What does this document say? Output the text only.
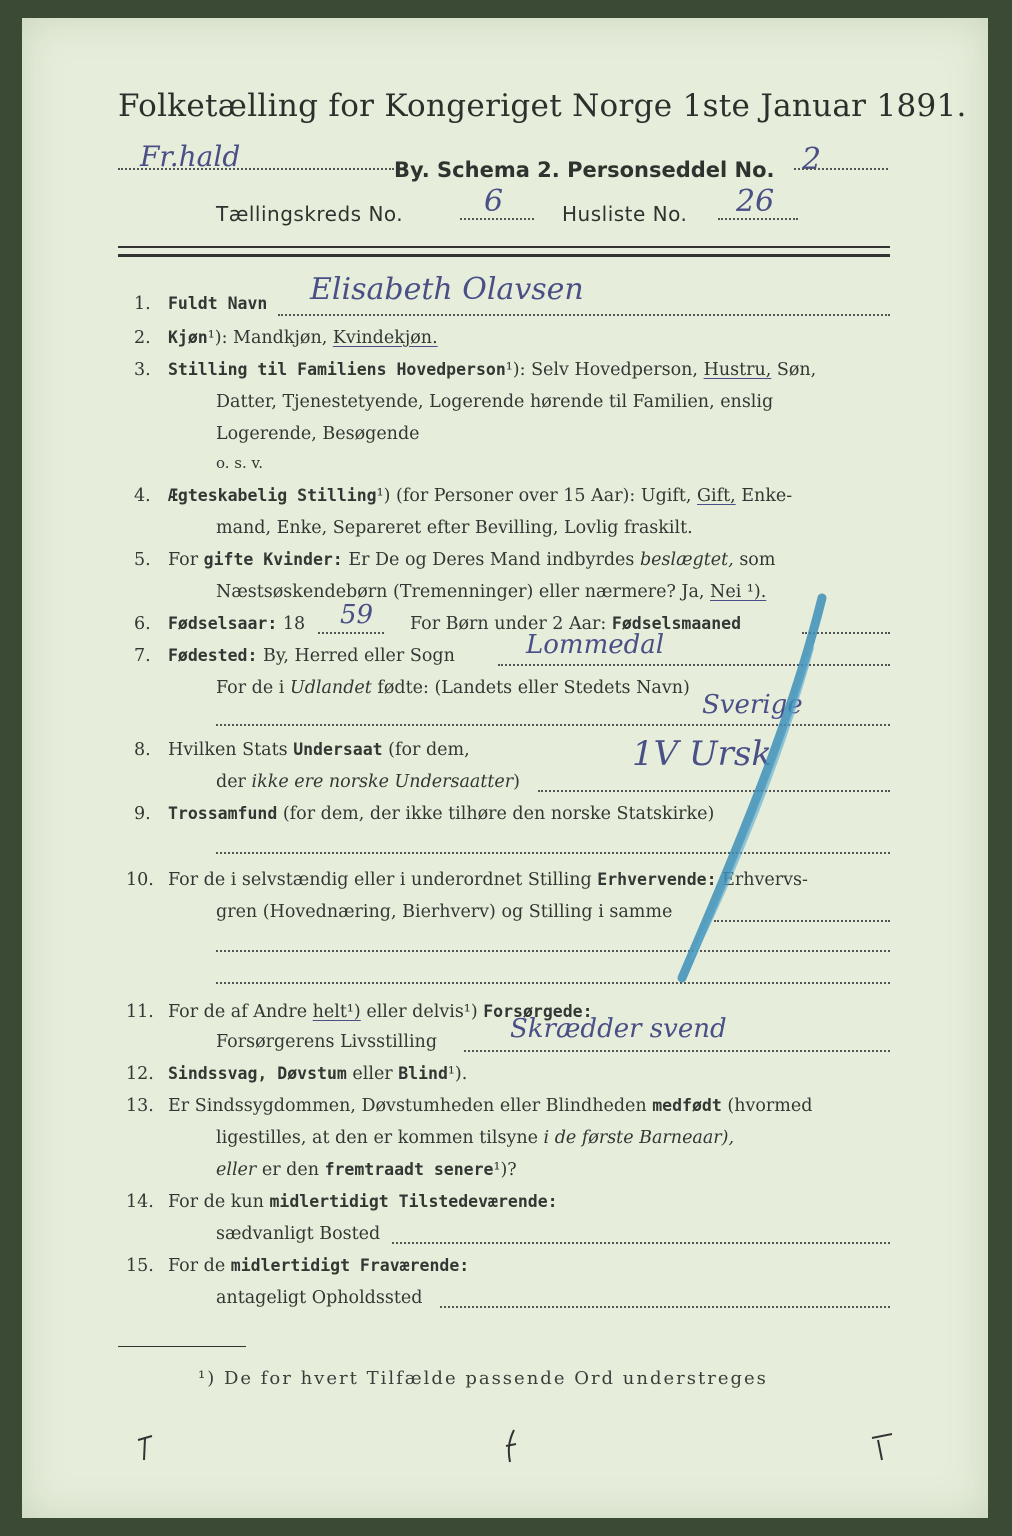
Folketælling for Kongeriget Norge 1ste Januar 1891.
Fr.hald	By. Schema 2. Personseddel No. 2
Tællingskreds No.	6	Husliste No. 26
1. Fuldt Navn Elisabeth Olavsen
2. Kjøn¹): Mandkjøn, Kvindekjøn.
3. Stilling til Familiens Hovedperson¹): Selv Hovedperson, Hustru, Søn,
Datter, Tjenestetyende, Logerende hørende til Familien, enslig
Logerende, Besøgende
o. s. v.
4. Ægteskabelig Stilling¹) (for Personer over 15 Aar): Ugift, Gift, Enke-
mand, Enke, Separeret efter Bevilling, Lovlig fraskilt.
5. For gifte Kvinder: Er De og Deres Mand indbyrdes beslægtet, som
Næstsøskendebørn (Tremenninger) eller nærmere? Ja, Nei ¹).
6. Fødselsaar: 18 59 For Børn under 2 Aar: Fødselsmaaned
7. Fødested: By, Herred eller Sogn	Lommedal
For de i Udlandet fødte: (Landets eller Stedets Navn)
Sverige
8. Hvilken Stats Undersaat (for dem,
der ikke ere norske Undersaatter)
1V Ursk
9. Trossamfund (for dem, der ikke tilhøre den norske Statskirke)
10. For de i selvstændig eller i underordnet Stilling Erhvervende: Erhvervs-
gren (Hovednæring, Bierhverv) og Stilling i samme
11. For de af Andre helt¹) eller delvis¹) Forsørgede:
Forsørgerens Livsstilling	Skrædder svend
12. Sindssvag, Døvstum eller Blind¹).
13. Er Sindssygdommen, Døvstumheden eller Blindheden medfødt (hvormed
ligestilles, at den er kommen tilsyne i de første Barneaar),
eller er den fremtraadt senere¹)?
14. For de kun midlertidigt Tilstedeværende:
sædvanligt Bosted
15. For de midlertidigt Fraværende:
antageligt Opholdssted
¹) De for hvert Tilfælde passende Ord understreges
